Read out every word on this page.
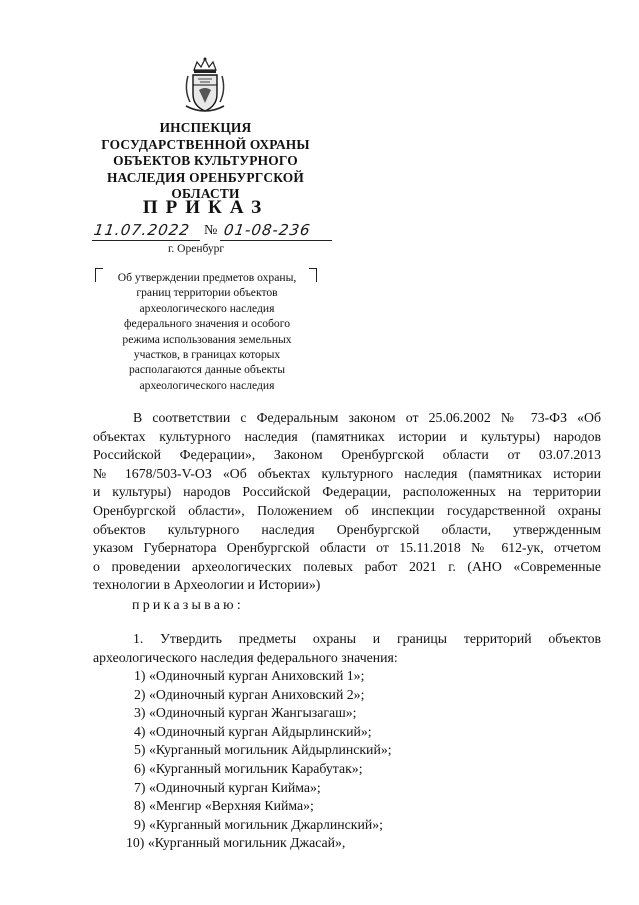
ИНСПЕКЦИЯ
ГОСУДАРСТВЕННОЙ ОХРАНЫ
ОБЪЕКТОВ КУЛЬТУРНОГО
НАСЛЕДИЯ ОРЕНБУРГСКОЙ
ОБЛАСТИ
ПРИКАЗ
11.07.2022 № 01-08-236
г. Оренбург
Об утверждении предметов охраны,
границ территории объектов
археологического наследия
федерального значения и особого
режима использования земельных
участков, в границах которых
располагаются данные объекты
археологического наследия
В соответствии с Федеральным законом от 25.06.2002 № 73-ФЗ «Об
объектах культурного наследия (памятниках истории и культуры) народов
Российской Федерации», Законом Оренбургской области от 03.07.2013
№ 1678/503-V-ОЗ «Об объектах культурного наследия (памятниках истории
и культуры) народов Российской Федерации, расположенных на территории
Оренбургской области», Положением об инспекции государственной охраны
объектов культурного наследия Оренбургской области, утвержденным
указом Губернатора Оренбургской области от 15.11.2018 № 612-ук, отчетом
о проведении археологических полевых работ 2021 г. (АНО «Современные
технологии в Археологии и Истории»)
приказываю:
1. Утвердить предметы охраны и границы территорий объектов
археологического наследия федерального значения:
1) «Одиночный курган Аниховский 1»;
2) «Одиночный курган Аниховский 2»;
3) «Одиночный курган Жангызагаш»;
4) «Одиночный курган Айдырлинский»;
5) «Курганный могильник Айдырлинский»;
6) «Курганный могильник Карабутак»;
7) «Одиночный курган Кийма»;
8) «Менгир «Верхняя Кийма»;
9) «Курганный могильник Джарлинский»;
10) «Курганный могильник Джасай»,
